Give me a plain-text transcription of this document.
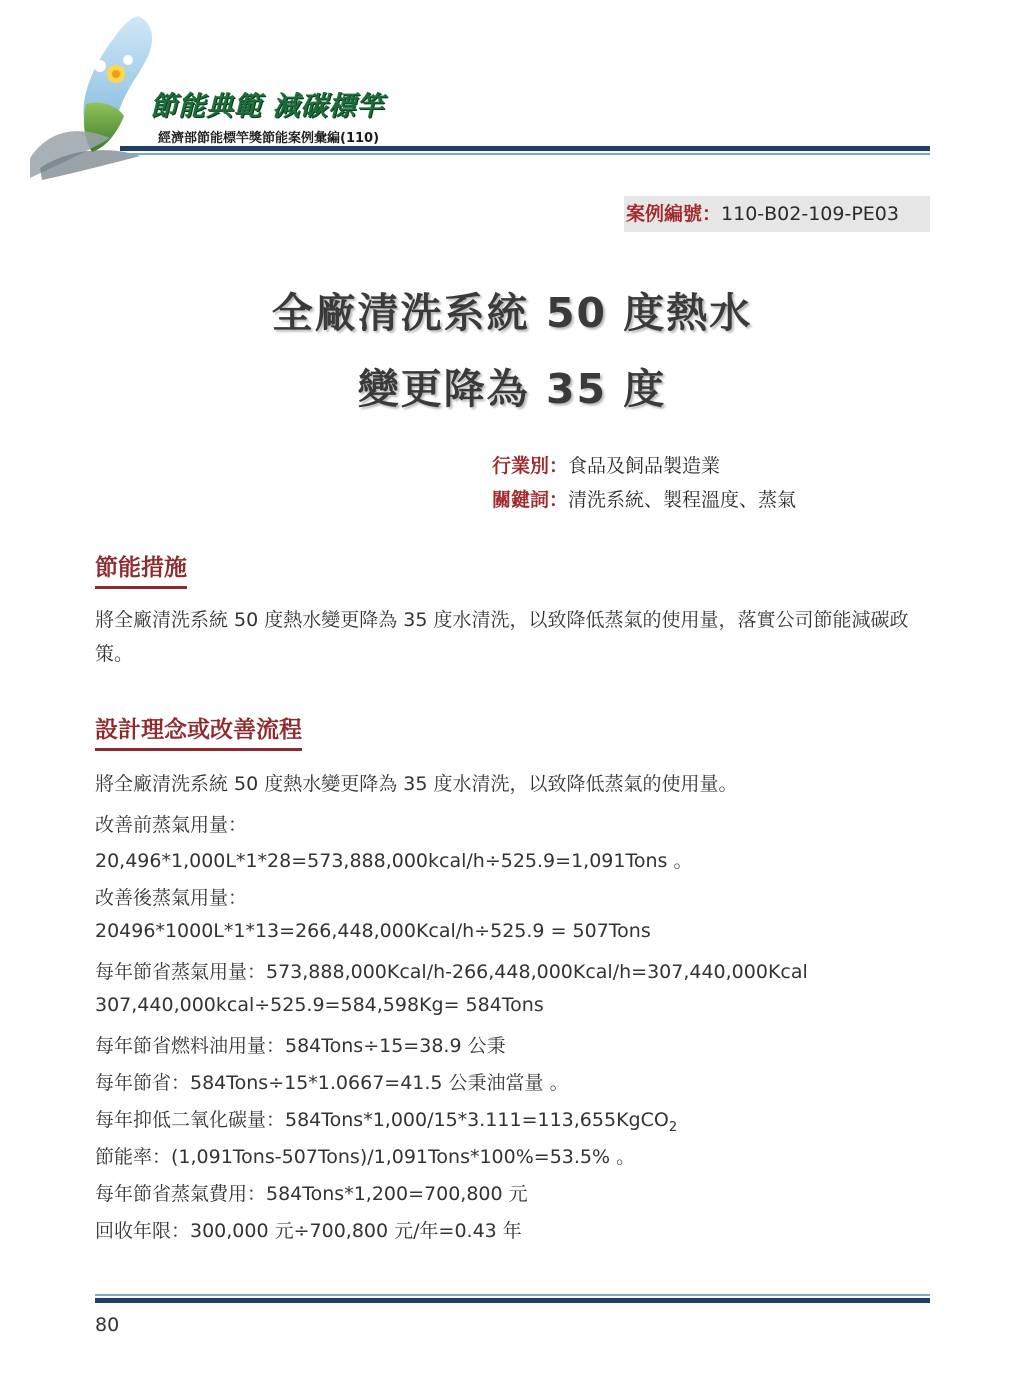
節能典範 減碳標竿
經濟部節能標竿獎節能案例彙編(110)
案例編號：110-B02-109-PE03
全廠清洗系統 50 度熱水
變更降為 35 度
行業別：食品及飼品製造業
關鍵詞：清洗系統、製程溫度、蒸氣
節能措施
將全廠清洗系統 50 度熱水變更降為 35 度水清洗，以致降低蒸氣的使用量，落實公司節能減碳政策。
設計理念或改善流程
將全廠清洗系統 50 度熱水變更降為 35 度水清洗，以致降低蒸氣的使用量。
改善前蒸氣用量：
20,496*1,000L*1*28=573,888,000kcal/h÷525.9=1,091Tons 。
改善後蒸氣用量：
20496*1000L*1*13=266,448,000Kcal/h÷525.9 = 507Tons
每年節省蒸氣用量：573,888,000Kcal/h-266,448,000Kcal/h=307,440,000Kcal
307,440,000kcal÷525.9=584,598Kg= 584Tons
每年節省燃料油用量：584Tons÷15=38.9 公秉
每年節省：584Tons÷15*1.0667=41.5 公秉油當量 。
每年抑低二氧化碳量：584Tons*1,000/15*3.111=113,655KgCO$_2$
節能率：(1,091Tons-507Tons)/1,091Tons*100%=53.5% 。
每年節省蒸氣費用：584Tons*1,200=700,800 元
回收年限：300,000 元÷700,800 元/年=0.43 年
80
